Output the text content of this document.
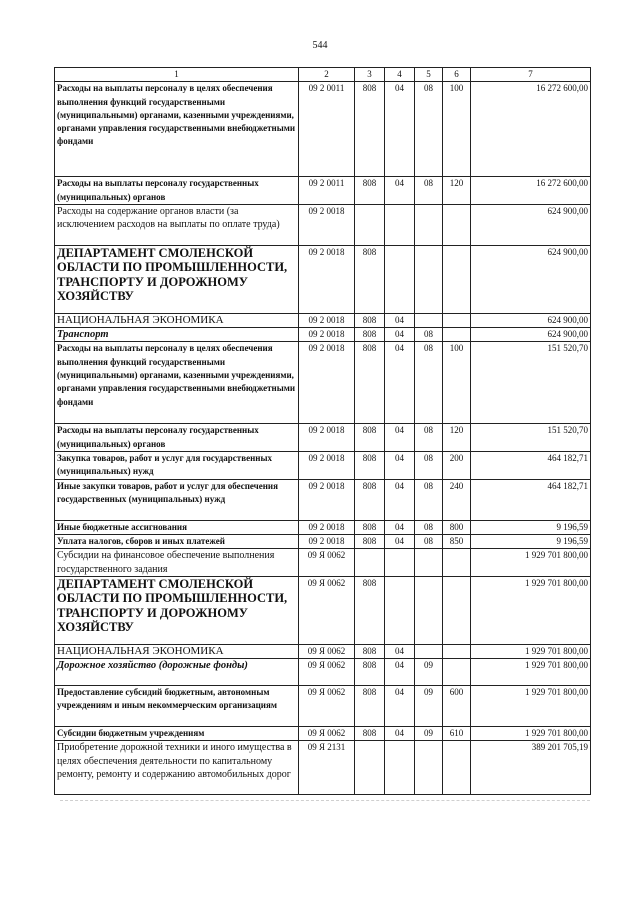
544
1	2	3	4	5	6	7
Расходы на выплаты персоналу в целях обеспечения выполнения функций государственными (муниципальными) органами, казенными учреждениями, органами управления государственными внебюджетными фондами	09 2 0011	808	04	08	100	16 272 600,00
Расходы на выплаты персоналу государственных (муниципальных) органов	09 2 0011	808	04	08	120	16 272 600,00
Расходы на содержание органов власти (за исключением расходов на выплаты по оплате труда)	09 2 0018					624 900,00
ДЕПАРТАМЕНТ СМОЛЕНСКОЙ ОБЛАСТИ ПО ПРОМЫШЛЕННОСТИ, ТРАНСПОРТУ И ДОРОЖНОМУ ХОЗЯЙСТВУ	09 2 0018	808				624 900,00
НАЦИОНАЛЬНАЯ ЭКОНОМИКА	09 2 0018	808	04			624 900,00
Транспорт	09 2 0018	808	04	08		624 900,00
Расходы на выплаты персоналу в целях обеспечения выполнения функций государственными (муниципальными) органами, казенными учреждениями, органами управления государственными внебюджетными фондами	09 2 0018	808	04	08	100	151 520,70
Расходы на выплаты персоналу государственных (муниципальных) органов	09 2 0018	808	04	08	120	151 520,70
Закупка товаров, работ и услуг для государственных (муниципальных) нужд	09 2 0018	808	04	08	200	464 182,71
Иные закупки товаров, работ и услуг для обеспечения государственных (муниципальных) нужд	09 2 0018	808	04	08	240	464 182,71
Иные бюджетные ассигнования	09 2 0018	808	04	08	800	9 196,59
Уплата налогов, сборов и иных платежей	09 2 0018	808	04	08	850	9 196,59
Субсидии на финансовое обеспечение выполнения государственного задания	09 Я 0062					1 929 701 800,00
ДЕПАРТАМЕНТ СМОЛЕНСКОЙ ОБЛАСТИ ПО ПРОМЫШЛЕННОСТИ, ТРАНСПОРТУ И ДОРОЖНОМУ ХОЗЯЙСТВУ	09 Я 0062	808				1 929 701 800,00
НАЦИОНАЛЬНАЯ ЭКОНОМИКА	09 Я 0062	808	04			1 929 701 800,00
Дорожное хозяйство (дорожные фонды)	09 Я 0062	808	04	09		1 929 701 800,00
Предоставление субсидий бюджетным, автономным учреждениям и иным некоммерческим организациям	09 Я 0062	808	04	09	600	1 929 701 800,00
Субсидии бюджетным учреждениям	09 Я 0062	808	04	09	610	1 929 701 800,00
Приобретение дорожной техники и иного имущества в целях обеспечения деятельности по капитальному ремонту, ремонту и содержанию автомобильных дорог	09 Я 2131					389 201 705,19
